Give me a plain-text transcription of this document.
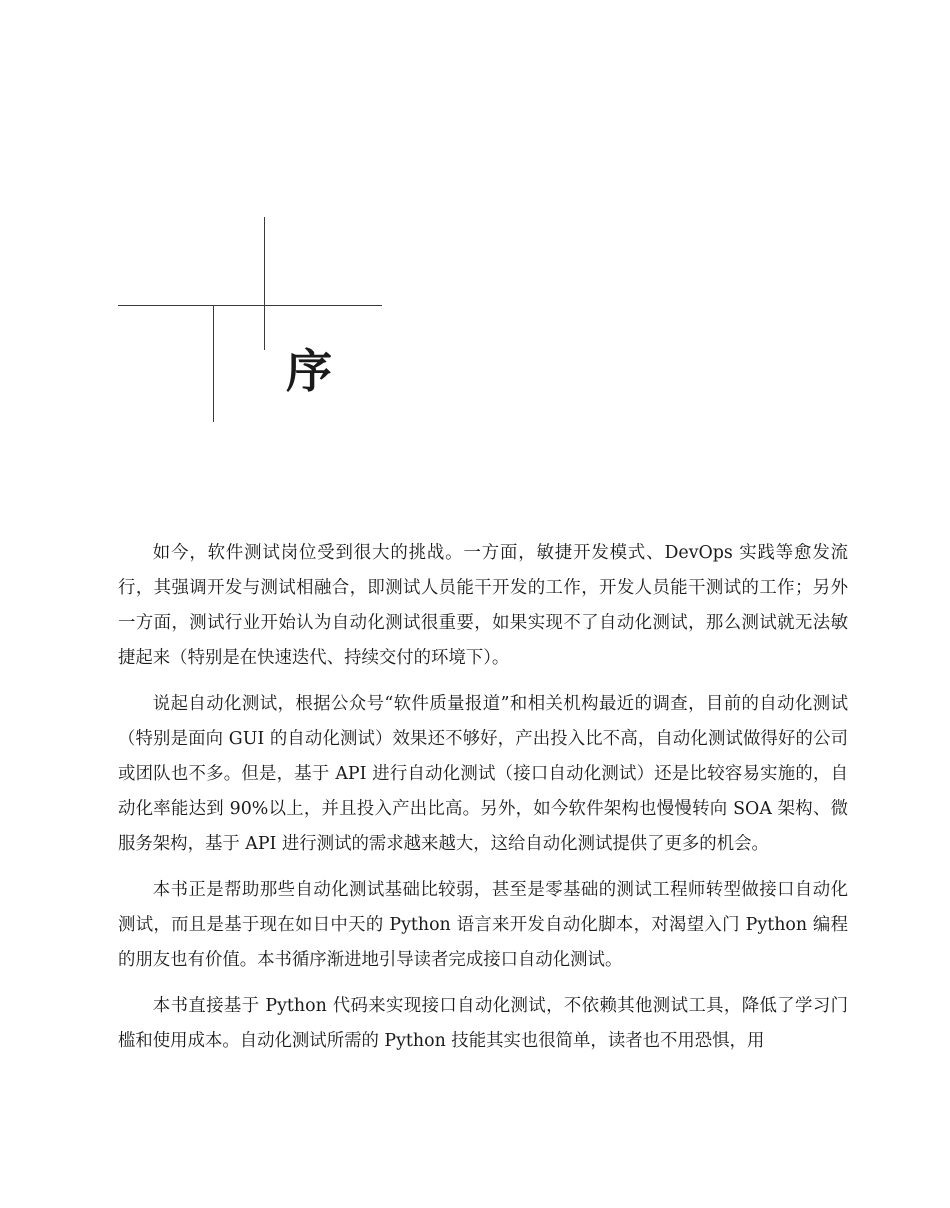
序

如今，软件测试岗位受到很大的挑战。一方面，敏捷开发模式、DevOps 实践等愈发流行，其强调开发与测试相融合，即测试人员能干开发的工作，开发人员能干测试的工作；另外一方面，测试行业开始认为自动化测试很重要，如果实现不了自动化测试，那么测试就无法敏捷起来（特别是在快速迭代、持续交付的环境下）。

说起自动化测试，根据公众号“软件质量报道”和相关机构最近的调查，目前的自动化测试（特别是面向 GUI 的自动化测试）效果还不够好，产出投入比不高，自动化测试做得好的公司或团队也不多。但是，基于 API 进行自动化测试（接口自动化测试）还是比较容易实施的，自动化率能达到 90%以上，并且投入产出比高。另外，如今软件架构也慢慢转向 SOA 架构、微服务架构，基于 API 进行测试的需求越来越大，这给自动化测试提供了更多的机会。

本书正是帮助那些自动化测试基础比较弱，甚至是零基础的测试工程师转型做接口自动化测试，而且是基于现在如日中天的 Python 语言来开发自动化脚本，对渴望入门 Python 编程的朋友也有价值。本书循序渐进地引导读者完成接口自动化测试。

本书直接基于 Python 代码来实现接口自动化测试，不依赖其他测试工具，降低了学习门槛和使用成本。自动化测试所需的 Python 技能其实也很简单，读者也不用恐惧，用
